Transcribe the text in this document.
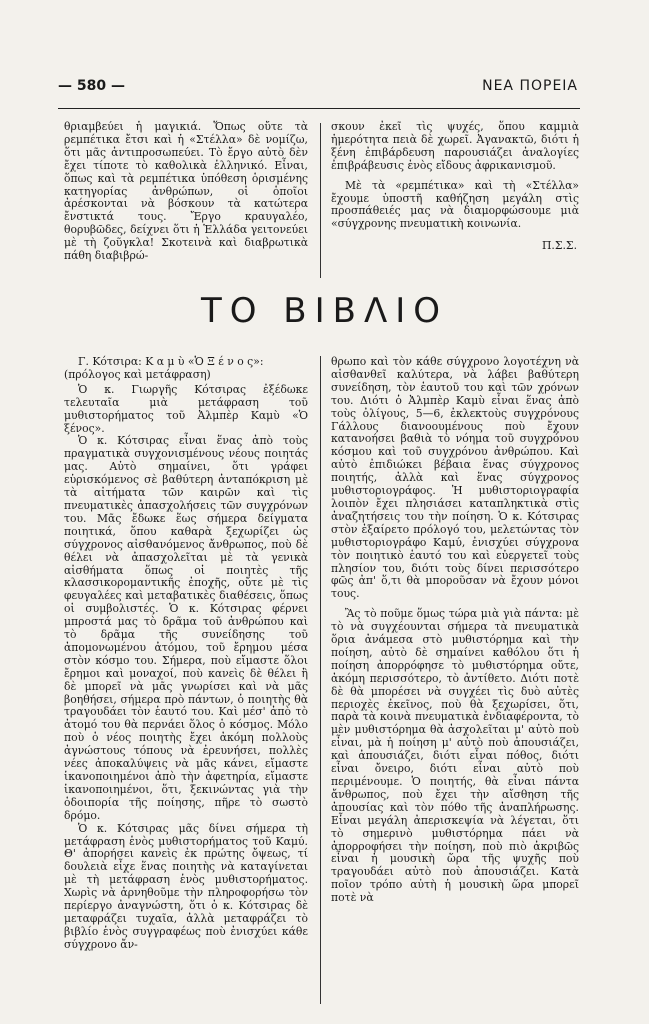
— 580 —	ΝΕΑ ΠΟΡΕΙΑ

θριαμβεύει ἡ μαγικιά. Ὅπως οὔτε τὰ ρεμπέτικα ἔτσι καὶ ἡ «Στέλλα» δὲ νομίζω, ὅτι μᾶς ἀντιπροσωπεύει. Τὸ ἔργο αὐτὸ δὲν ἔχει τίποτε τὸ καθολικὰ ἑλληνικό. Εἶναι, ὅπως καὶ τὰ ρεμπέτικα ὑπόθεση ὁρισμένης κατηγορίας ἀνθρώπων, οἱ ὁποῖοι ἀρέσκονται νὰ βόσκουν τὰ κατώτερα ἔνστικτά τους. Ἔργο κραυγαλέο, θορυβῶδες, δείχνει ὅτι ἡ Ἑλλάδα γειτονεύει μὲ τὴ ζοῦγκλα! Σκοτεινὰ καὶ διαβρωτικὰ πάθη διαβιβρώ-

σκουν ἐκεῖ τὶς ψυχές, ὅπου καμμιὰ ἡμερότητα πειὰ δὲ χωρεῖ. Ἀγανακτῶ, διότι ἡ ξένη ἐπιβάρδευση παρουσιάζει ἀναλογίες ἐπιβράβευσις ἑνὸς εἴδους ἀφρικανισμοῦ.

Μὲ τὰ «ρεμπέτικα» καὶ τὴ «Στέλλα» ἔχουμε ὑποστῆ καθήζηση μεγάλη στὶς προσπάθειές μας νὰ διαμορφώσουμε μιὰ «σύγχρονης πνευματικὴ κοινωνία.

Π.Σ.Σ.

ΤΟ ΒΙΒΛΙΟ

Γ. Κότσιρα: Κ α μ ὺ «Ὁ Ξ έ ν ο ς»:

(πρόλογος καὶ μετάφραση)

Ὁ κ. Γιωργῆς Κότσιρας ἐξέδωκε τελευταῖα μιὰ μετάφραση τοῦ μυθιστορήματος τοῦ Ἀλμπὲρ Καμὺ «Ὁ ξένος».

Ὁ κ. Κότσιρας εἶναι ἕνας ἀπὸ τοὺς πραγματικὰ συγχονισμένους νέους ποιητάς μας. Αὐτὸ σημαίνει, ὅτι γράφει εὑρισκόμενος σὲ βαθύτερη ἀνταπόκριση μὲ τὰ αἰτήματα τῶν καιρῶν καὶ τὶς πνευματικὲς ἀπασχολήσεις τῶν συγχρόνων του. Μᾶς ἔδωκε ἕως σήμερα δείγματα ποιητικά, ὅπου καθαρὰ ξεχωρίζει ὡς σύγχρονος αἰσθανόμενος ἄνθρωπος, ποὺ δὲ θέλει νὰ ἀπασχολεῖται μὲ τὰ γενικὰ αἰσθήματα ὅπως οἱ ποιητὲς τῆς κλασσικορομαντικῆς ἐποχῆς, οὔτε μὲ τὶς φευγαλέες καὶ μεταβατικὲς διαθέσεις, ὅπως οἱ συμβολιστές. Ὁ κ. Κότσιρας φέρνει μπροστά μας τὸ δρᾶμα τοῦ ἀνθρώπου καὶ τὸ δρᾶμα τῆς συνείδησης τοῦ ἀπομονωμένου ἀτόμου, τοῦ ἔρημου μέσα στὸν κόσμο του. Σήμερα, ποὺ εἴμαστε ὅλοι ἔρημοι καὶ μοναχοί, ποὺ κανεὶς δὲ θέλει ἢ δὲ μπορεῖ νὰ μᾶς γνωρίσει καὶ νὰ μᾶς βοηθήσει, σήμερα πρὸ πάντων, ὁ ποιητὴς θὰ τραγουδάει τὸν ἑαυτό του. Καὶ μέσ' ἀπὸ τὸ ἀτομό του θὰ περνάει ὅλος ὁ κόσμος. Μόλο ποὺ ὁ νέος ποιητὴς ἔχει ἀκόμη πολλοὺς ἀγνώστους τόπους νὰ ἐρευνήσει, πολλὲς νέες ἀποκαλύψεις νὰ μᾶς κάνει, εἴμαστε ἱκανοποιημένοι ἀπὸ τὴν ἀφετηρία, εἴμαστε ἱκανοποιημένοι, ὅτι, ξεκινώντας γιὰ τὴν ὁδοιπορία τῆς ποίησης, πῆρε τὸ σωστὸ δρόμο.

Ὁ κ. Κότσιρας μᾶς δίνει σήμερα τὴ μετάφραση ἑνὸς μυθιστορήματος τοῦ Καμύ. Θ' ἀπορήσει κανεὶς ἐκ πρώτης ὄψεως, τί δουλειὰ εἶχε ἕνας ποιητὴς νὰ καταγίνεται μὲ τὴ μετάφραση ἑνὸς μυθιστορήματος. Χωρὶς νὰ ἀρνηθοῦμε τὴν πληροφορήσω τὸν περίεργο ἀναγνώστη, ὅτι ὁ κ. Κότσιρας δὲ μεταφράζει τυχαῖα, ἀλλὰ μεταφράζει τὸ βιβλίο ἑνὸς συγγραφέως ποὺ ἐνισχύει κάθε σύγχρονο ἄν-

θρωπο καὶ τὸν κάθε σύγχρονο λογοτέχνη νὰ αἰσθανθεῖ καλύτερα, νὰ λάβει βαθύτερη συνείδηση, τὸν ἑαυτοῦ του καὶ τῶν χρόνων του. Διότι ὁ Ἀλμπὲρ Καμὺ εἶναι ἕνας ἀπὸ τοὺς ὀλίγους, 5—6, ἐκλεκτοὺς συγχρόνους Γάλλους διανοουμένους ποὺ ἔχουν κατανοήσει βαθιὰ τὸ νόημα τοῦ συγχρόνου κόσμου καὶ τοῦ συγχρόνου ἀνθρώπου. Καὶ αὐτὸ ἐπιδιώκει βέβαια ἕνας σύγχρονος ποιητής, ἀλλὰ καὶ ἕνας σύγχρονος μυθιστοριογράφος. Ἡ μυθιστοριογραφία λοιπὸν ἔχει πλησιάσει καταπληκτικὰ στὶς ἀναζητήσεις του τὴν ποίηση. Ὁ κ. Κότσιρας στὸν ἐξαίρετο πρόλογό του, μελετώντας τὸν μυθιστοριογράφο Καμύ, ἐνισχύει σύγχρονα τὸν ποιητικὸ ἑαυτό του καὶ εὐεργετεῖ τοὺς πλησίον του, διότι τοὺς δίνει περισσότερο φῶς ἀπ' ὅ,τι θὰ μποροῦσαν νὰ ἔχουν μόνοι τους.

Ἂς τὸ ποῦμε ὅμως τώρα μιὰ γιὰ πάντα: μὲ τὸ νὰ συγχέουνται σήμερα τὰ πνευματικὰ ὅρια ἀνάμεσα στὸ μυθιστόρημα καὶ τὴν ποίηση, αὐτὸ δὲ σημαίνει καθόλου ὅτι ἡ ποίηση ἀπορρόφησε τὸ μυθιστόρημα οὔτε, ἀκόμη περισσότερο, τὸ ἀντίθετο. Διότι ποτὲ δὲ θὰ μπορέσει νὰ συγχέει τὶς δυὸ αὐτὲς περιοχὲς ἐκεῖνος, ποὺ θὰ ξεχωρίσει, ὅτι, παρὰ τὰ κοινὰ πνευματικὰ ἐνδιαφέροντα, τὸ μὲν μυθιστόρημα θὰ ἀσχολεῖται μ' αὐτὸ ποὺ εἶναι, μὰ ἡ ποίηση μ' αὐτὸ ποὺ ἀπουσιάζει, καὶ ἀπουσιάζει, διότι εἶναι πόθος, διότι εἶναι ὄνειρο, διότι εἶναι αὐτὸ ποὺ περιμένουμε. Ὁ ποιητής, θὰ εἶναι πάντα ἄνθρωπος, ποὺ ἔχει τὴν αἴσθηση τῆς ἀπουσίας καὶ τὸν πόθο τῆς ἀναπλήρωσης. Εἶναι μεγάλη ἀπερισκεψία νὰ λέγεται, ὅτι τὸ σημερινὸ μυθιστόρημα πάει νὰ ἀπορροφήσει τὴν ποίηση, ποὺ πιὸ ἀκριβῶς εἶναι ἡ μουσικὴ ὥρα τῆς ψυχῆς ποὺ τραγουδάει αὐτὸ ποὺ ἀπουσιάζει. Κατὰ ποῖον τρόπο αὐτὴ ἡ μουσικὴ ὥρα μπορεῖ ποτὲ νὰ
